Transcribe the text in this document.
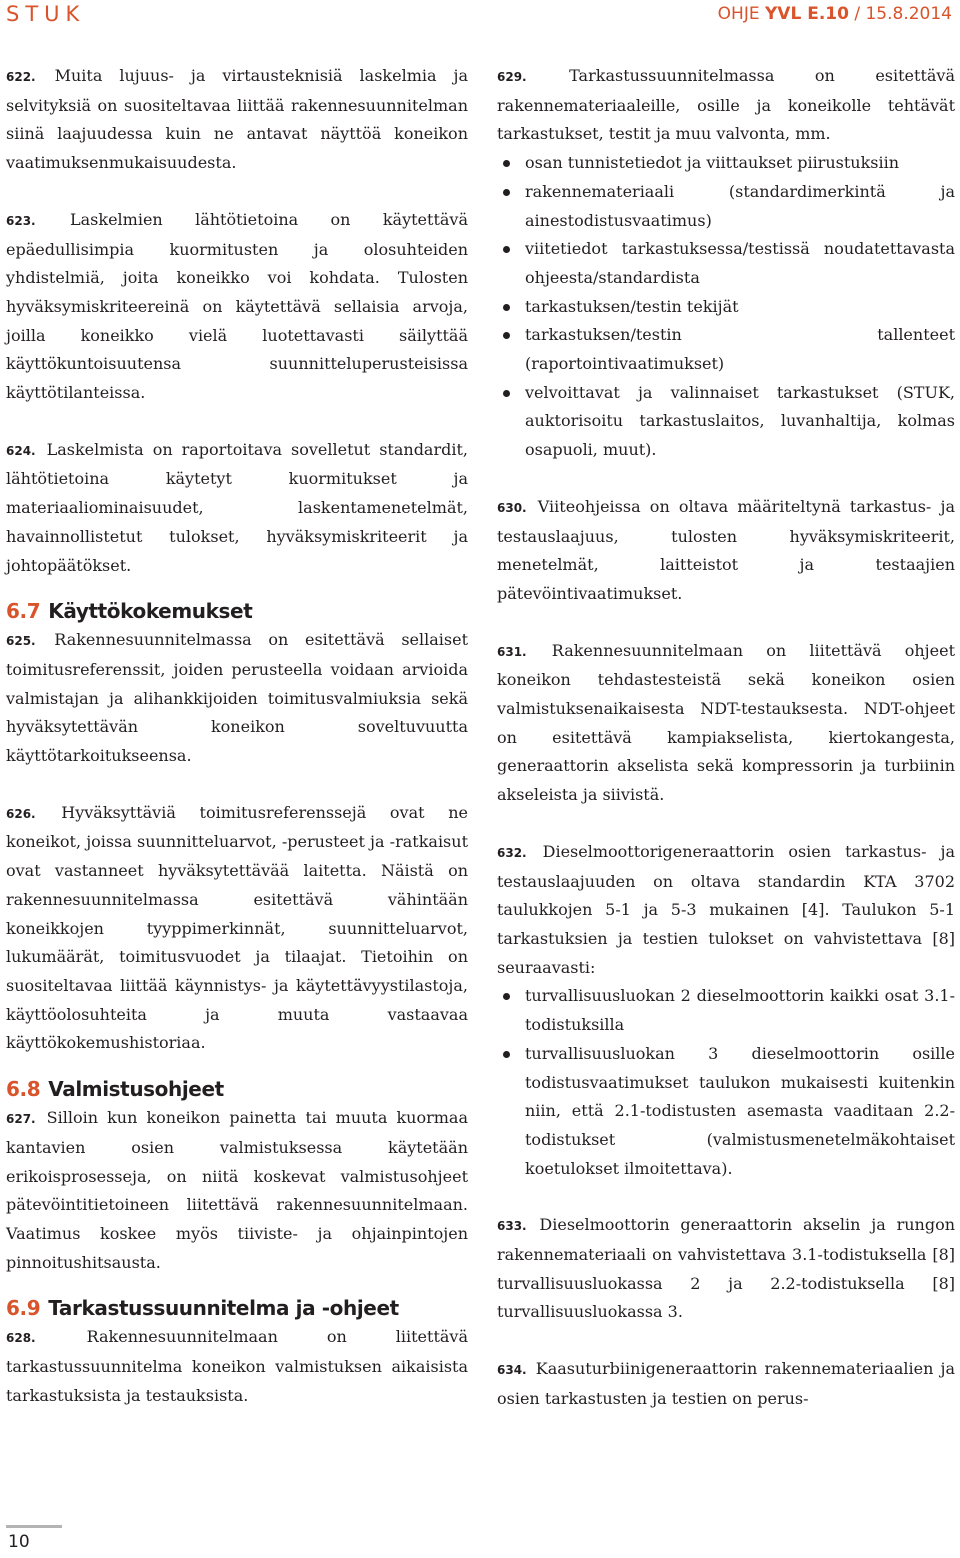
STUK	OHJE YVL E.10 / 15.8.2014

622. Muita lujuus- ja virtausteknisiä laskelmia ja selvityksiä on suositeltavaa liittää rakennesuunnitelman siinä laajuudessa kuin ne antavat näyttöä koneikon vaatimuksenmukaisuudesta.

623. Laskelmien lähtötietoina on käytettävä epäedullisimpia kuormitusten ja olosuhteiden yhdistelmiä, joita koneikko voi kohdata. Tulosten hyväksymiskriteereinä on käytettävä sellaisia arvoja, joilla koneikko vielä luotettavasti säilyttää käyttökuntoisuutensa suunnitteluperusteisissa käyttötilanteissa.

624. Laskelmista on raportoitava sovelletut standardit, lähtötietoina käytetyt kuormitukset ja materiaaliominaisuudet, laskentamenetelmät, havainnollistetut tulokset, hyväksymiskriteerit ja johtopäätökset.

6.7 Käyttökokemukset

625. Rakennesuunnitelmassa on esitettävä sellaiset toimitusreferenssit, joiden perusteella voidaan arvioida valmistajan ja alihankkijoiden toimitusvalmiuksia sekä hyväksytettävän koneikon soveltuvuutta käyttötarkoitukseensa.

626. Hyväksyttäviä toimitusreferenssejä ovat ne koneikot, joissa suunnitteluarvot, -perusteet ja -ratkaisut ovat vastanneet hyväksytettävää laitetta. Näistä on rakennesuunnitelmassa esitettävä vähintään koneikkojen tyyppimerkinnät, suunnitteluarvot, lukumäärät, toimitusvuodet ja tilaajat. Tietoihin on suositeltavaa liittää käynnistys- ja käytettävyystilastoja, käyttöolosuhteita ja muuta vastaavaa käyttökokemushistoriaa.

6.8 Valmistusohjeet

627. Silloin kun koneikon painetta tai muuta kuormaa kantavien osien valmistuksessa käytetään erikoisprosesseja, on niitä koskevat valmistusohjeet pätevöintitietoineen liitettävä rakennesuunnitelmaan. Vaatimus koskee myös tiiviste- ja ohjainpintojen pinnoitushitsausta.

6.9 Tarkastussuunnitelma ja -ohjeet

628.	Rakennesuunnitelmaan on liitettävä tarkastussuunnitelma koneikon valmistuksen aikaisista tarkastuksista ja testauksista.

629.	Tarkastussuunnitelmassa on esitettävä rakennemateriaaleille, osille ja koneikolle tehtävät tarkastukset, testit ja muu valvonta, mm.

osan tunnistetiedot ja viittaukset piirustuksiin
rakennemateriaali (standardimerkintä ja ainestodistusvaatimus)
viitetiedot tarkastuksessa/testissä noudatettavasta ohjeesta/standardista
tarkastuksen/testin tekijät
tarkastuksen/testin tallenteet (raportointivaatimukset)
velvoittavat ja valinnaiset tarkastukset (STUK, auktorisoitu tarkastuslaitos, luvanhaltija, kolmas osapuoli, muut).

630. Viiteohjeissa on oltava määriteltynä tarkastus- ja testauslaajuus, tulosten hyväksymiskriteerit, menetelmät, laitteistot ja testaajien pätevöintivaatimukset.

631. Rakennesuunnitelmaan on liitettävä ohjeet koneikon tehdastesteistä sekä koneikon osien valmistuksenaikaisesta NDT-testauksesta. NDT-ohjeet on esitettävä kampiakselista, kiertokangesta, generaattorin akselista sekä kompressorin ja turbiinin akseleista ja siivistä.

632. Dieselmoottorigeneraattorin osien tarkastus- ja testauslaajuuden on oltava standardin KTA 3702 taulukkojen 5-1 ja 5-3 mukainen [4]. Taulukon 5-1 tarkastuksien ja testien tulokset on vahvistettava [8] seuraavasti:

turvallisuusluokan 2 dieselmoottorin kaikki osat 3.1-todistuksilla
turvallisuusluokan 3 dieselmoottorin osille todistusvaatimukset taulukon mukaisesti kuitenkin niin, että 2.1-todistusten asemasta vaaditaan 2.2-todistukset (valmistusmenetelmäkohtaiset koetulokset ilmoitettava).

633. Dieselmoottorin generaattorin akselin ja rungon rakennemateriaali on vahvistettava 3.1-todistuksella [8] turvallisuusluokassa 2 ja 2.2-todistuksella [8] turvallisuusluokassa 3.

634. Kaasuturbiinigeneraattorin rakennemateriaalien ja osien tarkastusten ja testien on perus-

10
